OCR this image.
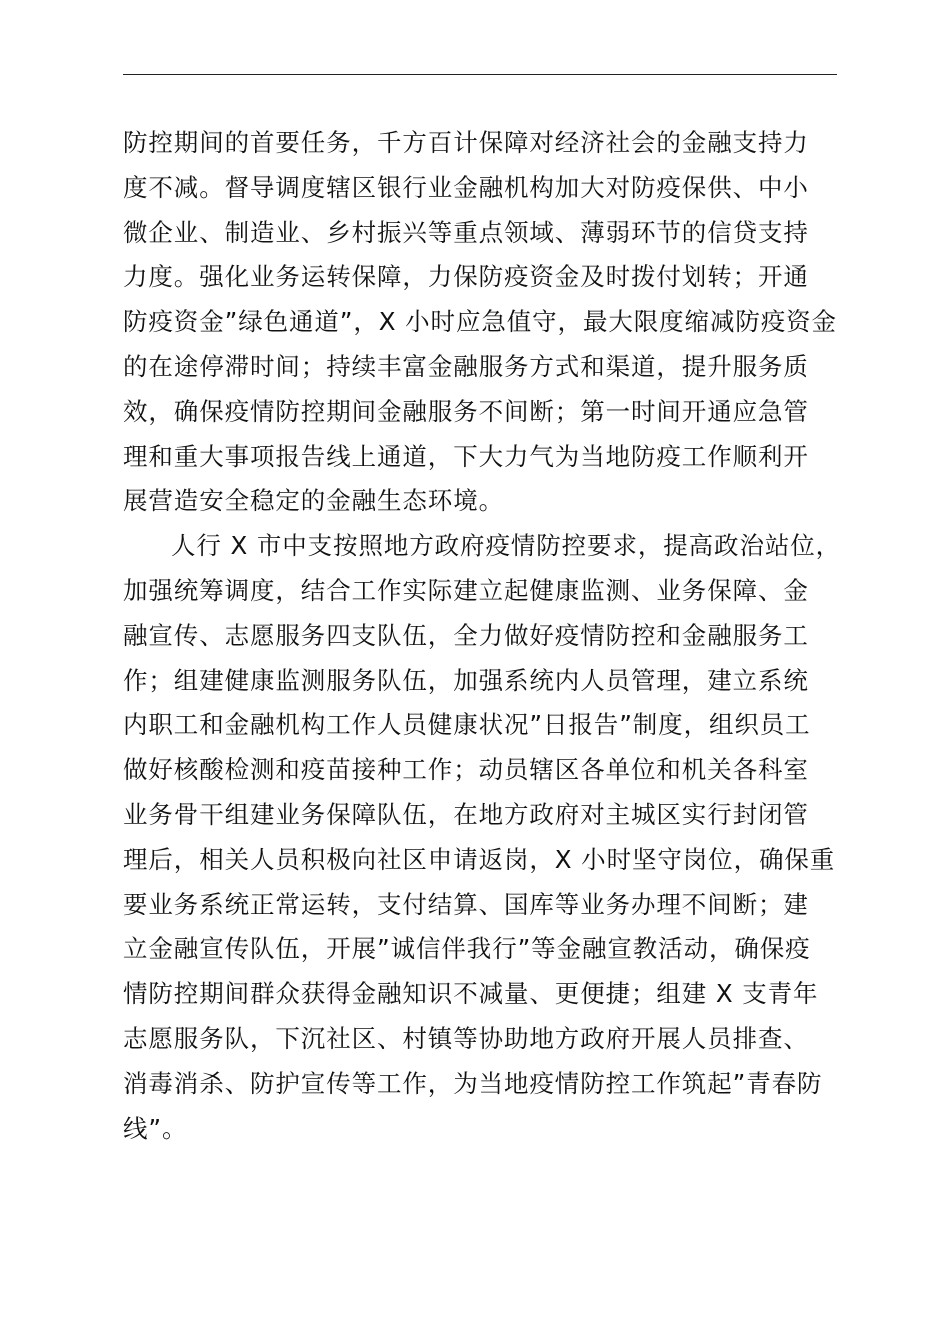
防控期间的首要任务，千方百计保障对经济社会的金融支持力
度不减。督导调度辖区银行业金融机构加大对防疫保供、中小
微企业、制造业、乡村振兴等重点领域、薄弱环节的信贷支持
力度。强化业务运转保障，力保防疫资金及时拨付划转；开通
防疫资金”绿色通道”，X 小时应急值守，最大限度缩减防疫资金
的在途停滞时间；持续丰富金融服务方式和渠道，提升服务质
效，确保疫情防控期间金融服务不间断；第一时间开通应急管
理和重大事项报告线上通道，下大力气为当地防疫工作顺利开
展营造安全稳定的金融生态环境。
人行 X 市中支按照地方政府疫情防控要求，提高政治站位，
加强统筹调度，结合工作实际建立起健康监测、业务保障、金
融宣传、志愿服务四支队伍，全力做好疫情防控和金融服务工
作；组建健康监测服务队伍，加强系统内人员管理，建立系统
内职工和金融机构工作人员健康状况”日报告”制度，组织员工
做好核酸检测和疫苗接种工作；动员辖区各单位和机关各科室
业务骨干组建业务保障队伍，在地方政府对主城区实行封闭管
理后，相关人员积极向社区申请返岗，X 小时坚守岗位，确保重
要业务系统正常运转，支付结算、国库等业务办理不间断；建
立金融宣传队伍，开展”诚信伴我行”等金融宣教活动，确保疫
情防控期间群众获得金融知识不减量、更便捷；组建 X 支青年
志愿服务队，下沉社区、村镇等协助地方政府开展人员排查、
消毒消杀、防护宣传等工作，为当地疫情防控工作筑起”青春防
线”。
